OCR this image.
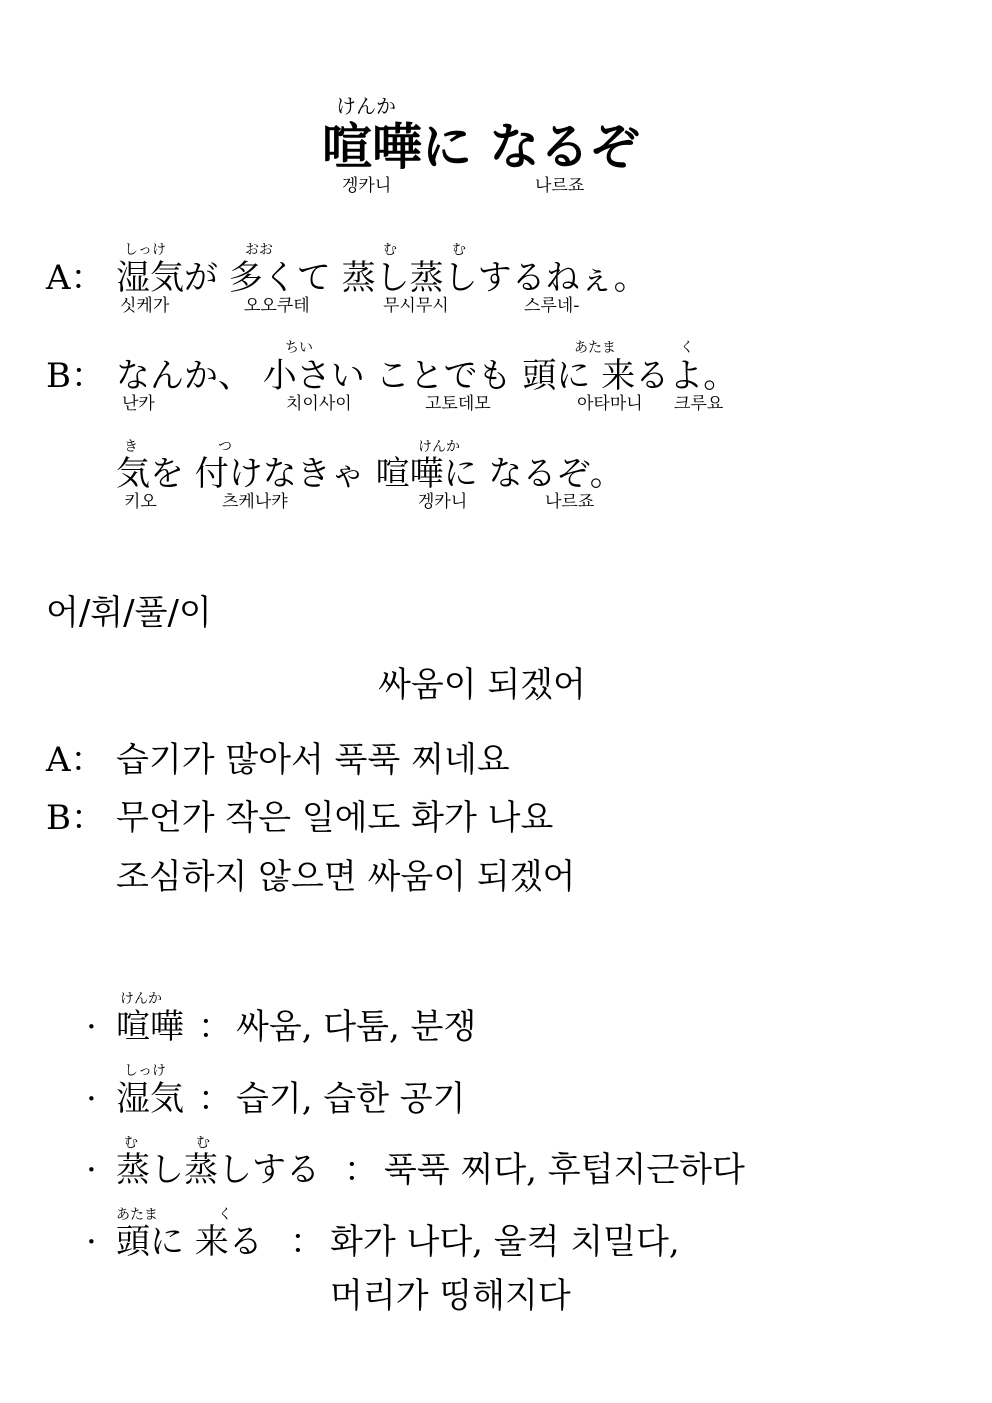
けんか
喧嘩に なるぞ
겡카니	나르죠
しっけ	おお	む	む
A： 湿気が 多くて 蒸し蒸しするねぇ。
싯케가	오오쿠테	무시무시	스루네-
ちい	あたま	く
B： なんか、 小さい ことでも 頭に 来るよ。
난카	치이사이	고토데모	아타마니 크루요
き	つ	けんか
気を 付けなきゃ 喧嘩に なるぞ。
키오	츠케나캬	겡카니	나르죠
어/휘/풀/이
싸움이 되겠어
A： 습기가 많아서 푹푹 찌네요
B： 무언가 작은 일에도 화가 나요
조심하지 않으면 싸움이 되겠어
けんか
· 喧嘩 ： 싸움, 다툼, 분쟁
しっけ
· 湿気 ： 습기, 습한 공기
む	む
· 蒸し蒸しする ： 푹푹 찌다, 후텁지근하다
あたま	く
· 頭に 来る ： 화가 나다, 울컥 치밀다,
머리가 띵해지다
